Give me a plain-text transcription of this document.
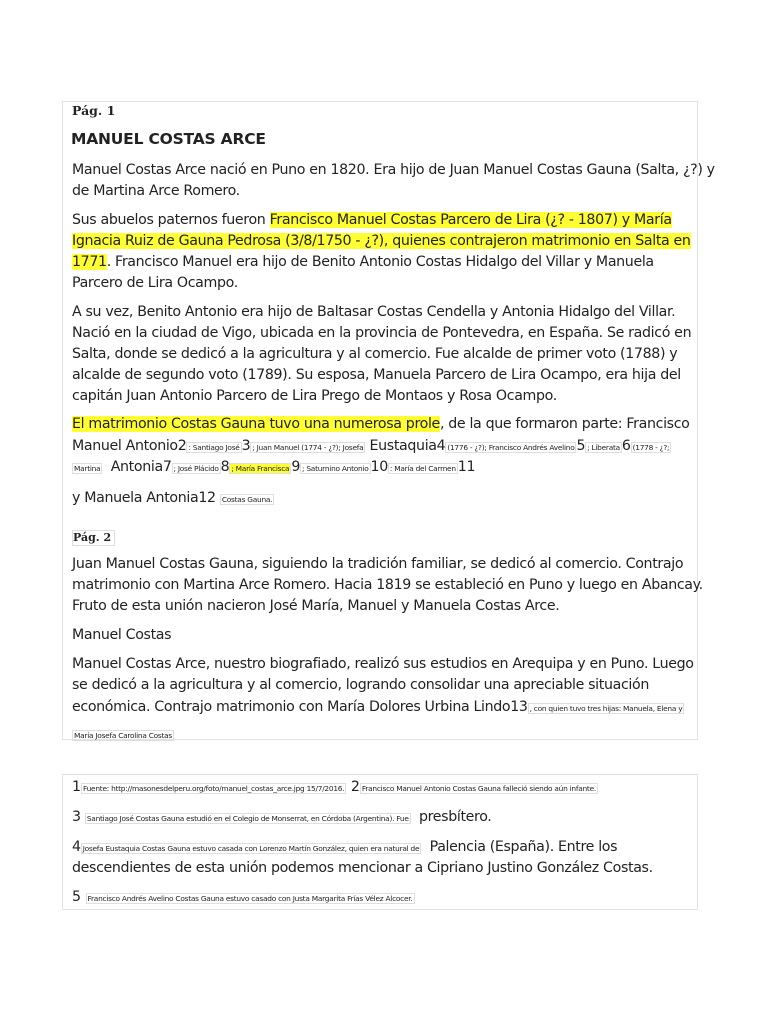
Pág. 1
MANUEL COSTAS ARCE
Manuel Costas Arce nació en Puno en 1820. Era hijo de Juan Manuel Costas Gauna (Salta, ¿?) y
de Martina Arce Romero.
Sus abuelos paternos fueron Francisco Manuel Costas Parcero de Lira (¿? - 1807) y María
Ignacia Ruiz de Gauna Pedrosa (3/8/1750 - ¿?), quienes contrajeron matrimonio en Salta en
1771. Francisco Manuel era hijo de Benito Antonio Costas Hidalgo del Villar y Manuela
Parcero de Lira Ocampo.
A su vez, Benito Antonio era hijo de Baltasar Costas Cendella y Antonia Hidalgo del Villar.
Nació en la ciudad de Vigo, ubicada en la provincia de Pontevedra, en España. Se radicó en
Salta, donde se dedicó a la agricultura y al comercio. Fue alcalde de primer voto (1788) y
alcalde de segundo voto (1789). Su esposa, Manuela Parcero de Lira Ocampo, era hija del
capitán Juan Antonio Parcero de Lira Prego de Montaos y Rosa Ocampo.
El matrimonio Costas Gauna tuvo una numerosa prole, de la que formaron parte: Francisco
Manuel Antonio2 : Santiago José 3 ; Juan Manuel (1774 - ¿?); Josefa Eustaquia4 (1776 - ¿?); Francisco Andrés Avelino 5 ; Liberata 6 (1778 - ¿?;
Martina Antonia7 ; José Plácido 8 ; María Francisca 9 ; Saturnino Antonio 10 : María del Carmen 11
y Manuela Antonia12 Costas Gauna.
Pág. 2
Juan Manuel Costas Gauna, siguiendo la tradición familiar, se dedicó al comercio. Contrajo
matrimonio con Martina Arce Romero. Hacia 1819 se estableció en Puno y luego en Abancay.
Fruto de esta unión nacieron José María, Manuel y Manuela Costas Arce.
Manuel Costas
Manuel Costas Arce, nuestro biografiado, realizó sus estudios en Arequipa y en Puno. Luego
se dedicó a la agricultura y al comercio, logrando consolidar una apreciable situación
económica. Contrajo matrimonio con María Dolores Urbina Lindo13 , con quien tuvo tres hijas: Manuela, Elena y
María Josefa Carolina Costas
1 Fuente: http://masonesdelperu.org/foto/manuel_costas_arce.jpg 15/7/2016. 2 Francisco Manuel Antonio Costas Gauna falleció siendo aún infante.
3 Santiago José Costas Gauna estudió en el Colegio de Monserrat, en Córdoba (Argentina). Fue presbítero.
4 Josefa Eustaquia Costas Gauna estuvo casada con Lorenzo Martín González, quien era natural de Palencia (España). Entre los
descendientes de esta unión podemos mencionar a Cipriano Justino González Costas.
5 Francisco Andrés Avelino Costas Gauna estuvo casado con Justa Margarita Frías Vélez Alcocer.
